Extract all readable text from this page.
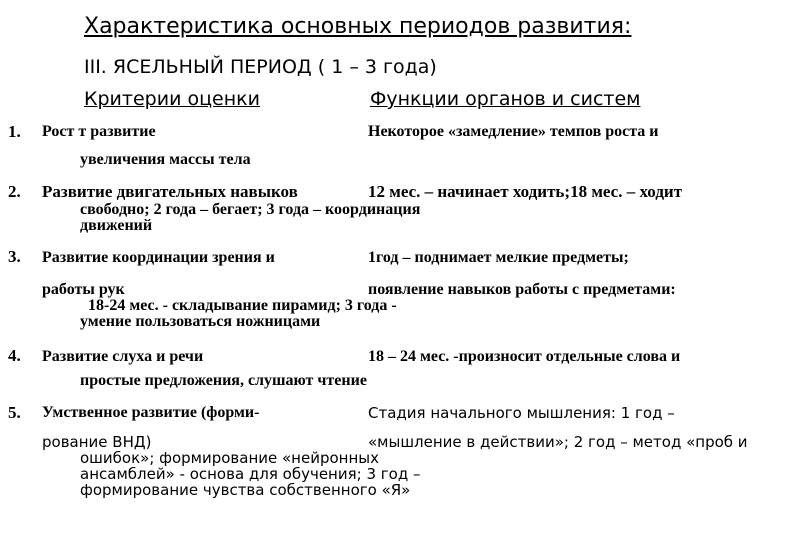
Характеристика основных периодов развития:
III. ЯСЕЛЬНЫЙ ПЕРИОД ( 1 – 3 года)
Критерии оценки	Функции органов и систем
1. Рост т развитие	Некоторое «замедление» темпов роста и
увеличения массы тела
2. Развитие двигательных навыков	12 мес. – начинает ходить;18 мес. – ходит
свободно; 2 года – бегает; 3 года – координация
движений
3. Развитие координации зрения и	1год – поднимает мелкие предметы;
работы рук	появление навыков работы с предметами:
18-24 мес. - складывание пирамид; 3 года -
умение пользоваться ножницами
4. Развитие слуха и речи	18 – 24 мес. -произносит отдельные слова и
простые предложения, слушают чтение
5. Умственное развитие (форми-	Стадия начального мышления: 1 год –
рование ВНД)	«мышление в действии»; 2 год – метод «проб и
ошибок»; формирование «нейронных
ансамблей» - основа для обучения; 3 год –
формирование чувства собственного «Я»
